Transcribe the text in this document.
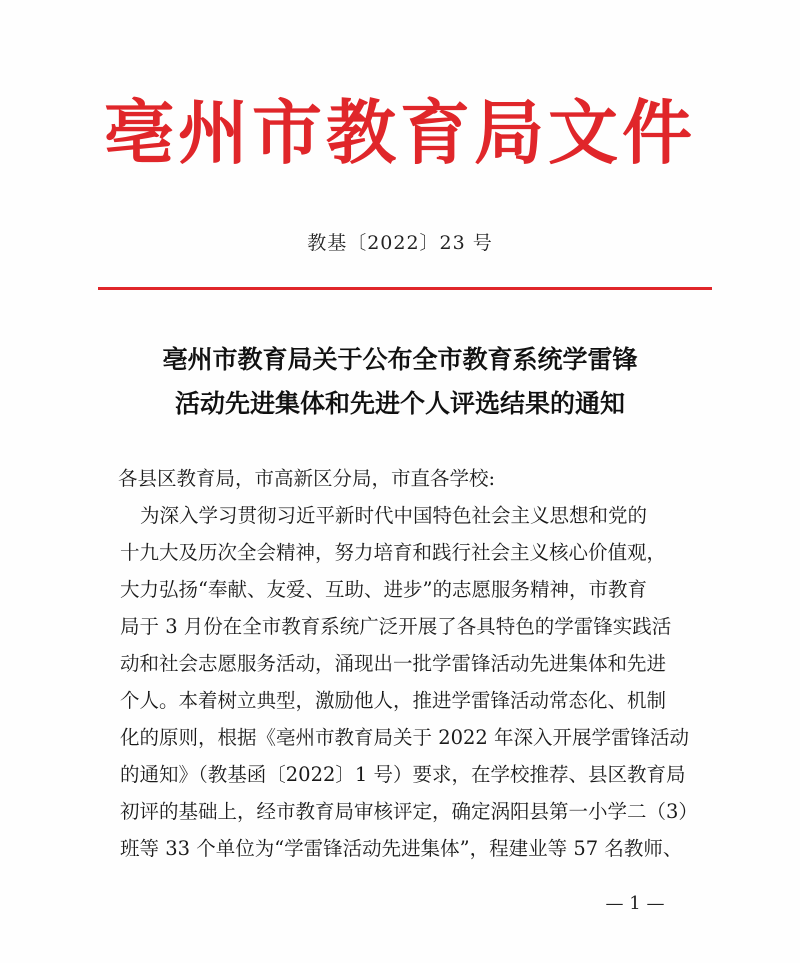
亳州市教育局文件
教基〔2022〕23 号
亳州市教育局关于公布全市教育系统学雷锋
活动先进集体和先进个人评选结果的通知
各县区教育局，市高新区分局，市直各学校:
为深入学习贯彻习近平新时代中国特色社会主义思想和党的
十九大及历次全会精神，努力培育和践行社会主义核心价值观，
大力弘扬“奉献、友爱、互助、进步”的志愿服务精神，市教育
局于 3 月份在全市教育系统广泛开展了各具特色的学雷锋实践活
动和社会志愿服务活动，涌现出一批学雷锋活动先进集体和先进
个人。本着树立典型，激励他人，推进学雷锋活动常态化、机制
化的原则，根据《亳州市教育局关于 2022 年深入开展学雷锋活动
的通知》（教基函〔2022〕1 号）要求，在学校推荐、县区教育局
初评的基础上，经市教育局审核评定，确定涡阳县第一小学二（3）
班等 33 个单位为“学雷锋活动先进集体”，程建业等 57 名教师、
— 1 —
